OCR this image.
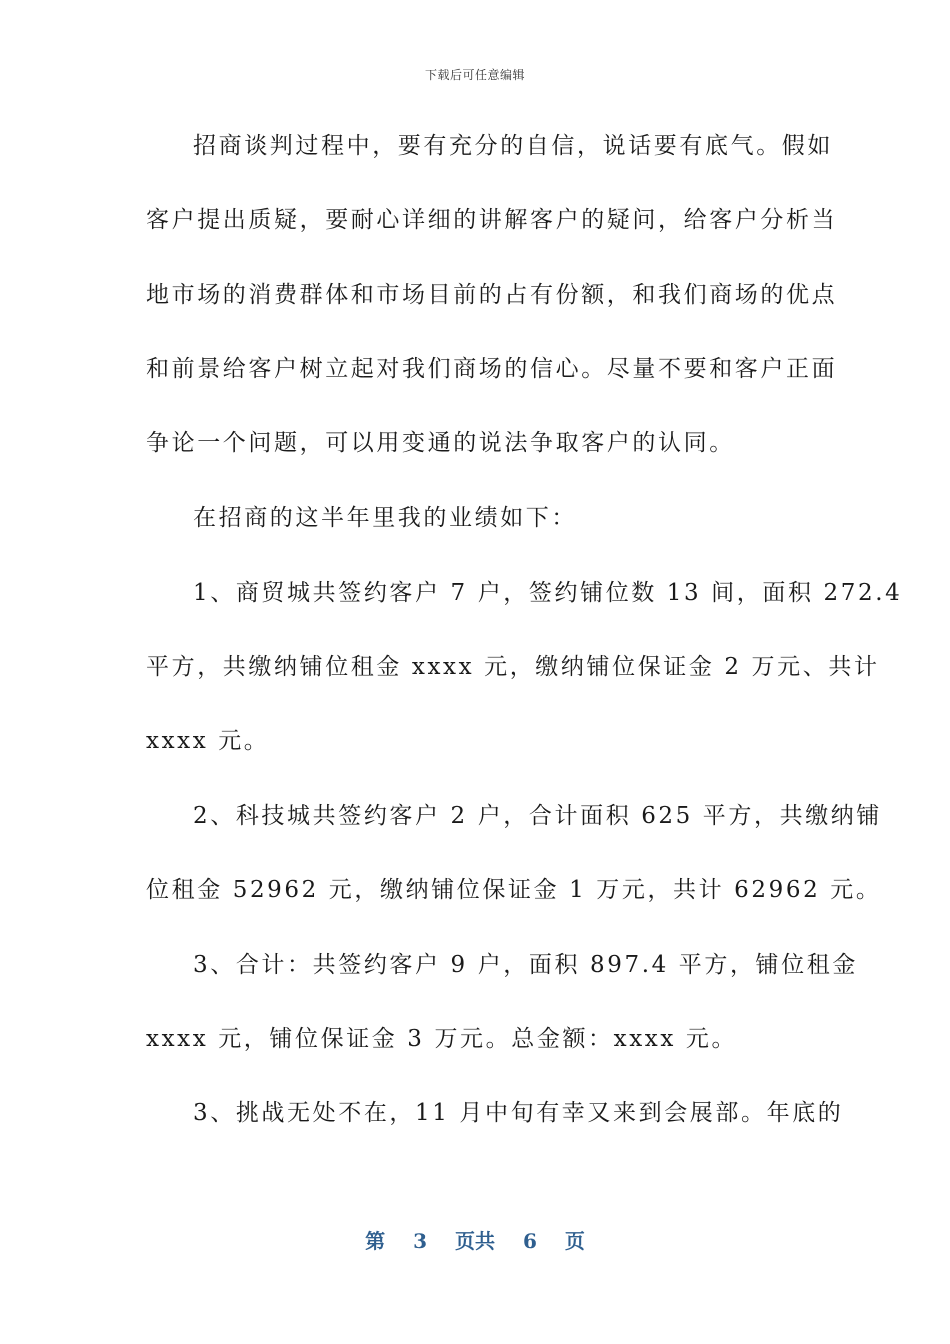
下载后可任意编辑
招商谈判过程中，要有充分的自信，说话要有底气。假如
客户提出质疑，要耐心详细的讲解客户的疑问，给客户分析当
地市场的消费群体和市场目前的占有份额，和我们商场的优点
和前景给客户树立起对我们商场的信心。尽量不要和客户正面
争论一个问题，可以用变通的说法争取客户的认同。
在招商的这半年里我的业绩如下：
1、商贸城共签约客户 7 户，签约铺位数 13 间，面积 272.4
平方，共缴纳铺位租金 xxxx 元，缴纳铺位保证金 2 万元、共计
xxxx 元。
2、科技城共签约客户 2 户，合计面积 625 平方，共缴纳铺
位租金 52962 元，缴纳铺位保证金 1 万元，共计 62962 元。
3、合计：共签约客户 9 户，面积 897.4 平方，铺位租金
xxxx 元，铺位保证金 3 万元。总金额：xxxx 元。
3、挑战无处不在，11 月中旬有幸又来到会展部。年底的
第 3 页共 6 页
